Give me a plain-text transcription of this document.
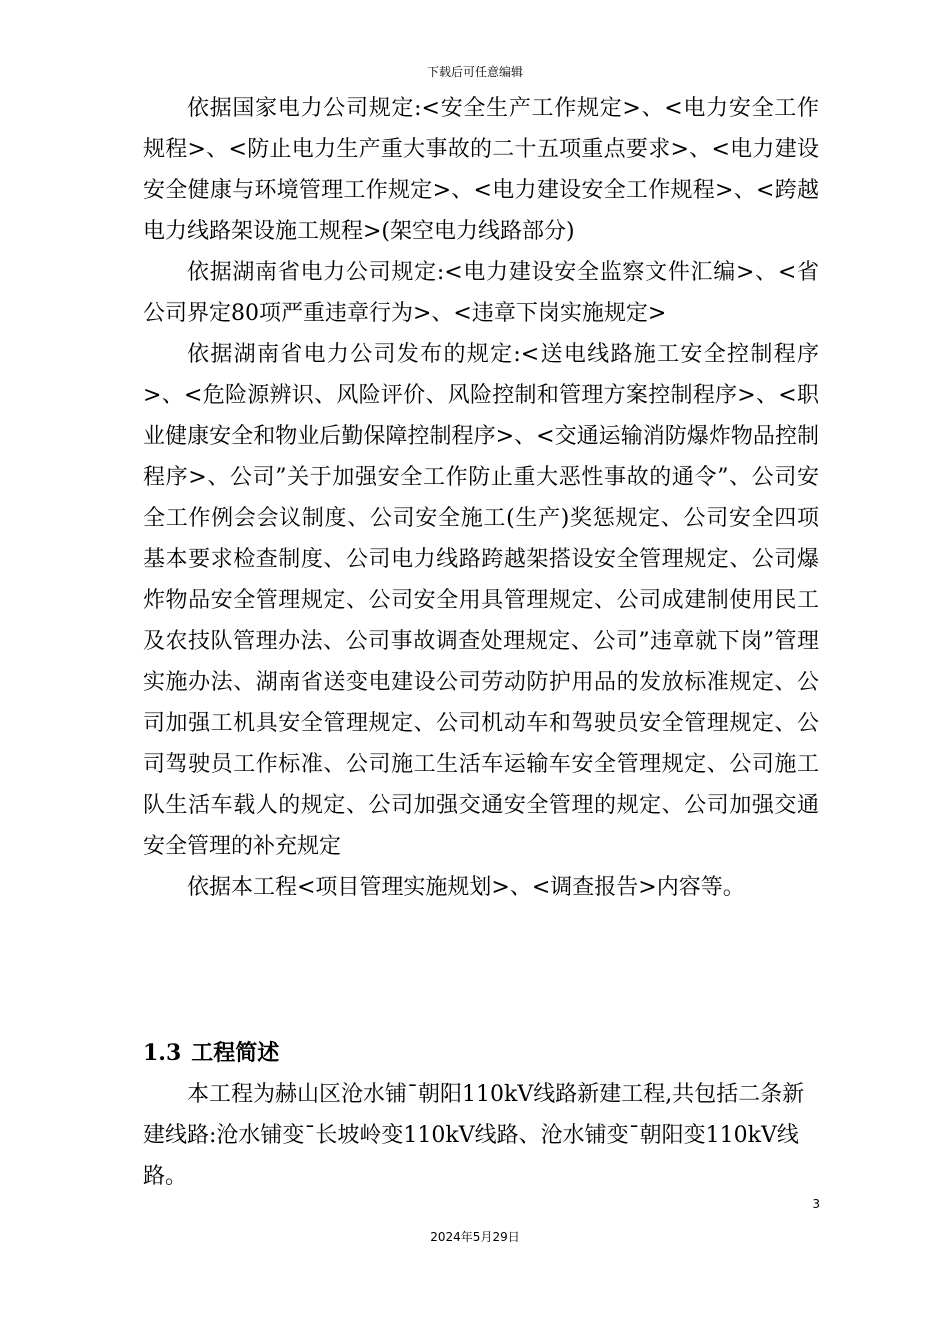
下载后可任意编辑

依据国家电力公司规定:<安全生产工作规定>、<电力安全工作规程>、<防止电力生产重大事故的二十五项重点要求>、<电力建设安全健康与环境管理工作规定>、<电力建设安全工作规程>、<跨越电力线路架设施工规程>(架空电力线路部分)

依据湖南省电力公司规定:<电力建设安全监察文件汇编>、<省公司界定80项严重违章行为>、<违章下岗实施规定>

依据湖南省电力公司发布的规定:<送电线路施工安全控制程序>、<危险源辨识、风险评价、风险控制和管理方案控制程序>、<职业健康安全和物业后勤保障控制程序>、<交通运输消防爆炸物品控制程序>、公司”关于加强安全工作防止重大恶性事故的通令”、公司安全工作例会会议制度、公司安全施工(生产)奖惩规定、公司安全四项基本要求检查制度、公司电力线路跨越架搭设安全管理规定、公司爆炸物品安全管理规定、公司安全用具管理规定、公司成建制使用民工及农技队管理办法、公司事故调查处理规定、公司”违章就下岗”管理实施办法、湖南省送变电建设公司劳动防护用品的发放标准规定、公司加强工机具安全管理规定、公司机动车和驾驶员安全管理规定、公司驾驶员工作标准、公司施工生活车运输车安全管理规定、公司施工队生活车载人的规定、公司加强交通安全管理的规定、公司加强交通安全管理的补充规定

依据本工程<项目管理实施规划>、<调查报告>内容等。

1.3 工程简述

本工程为赫山区沧水铺¯朝阳110kV线路新建工程,共包括二条新建线路:沧水铺变¯长坡岭变110kV线路、沧水铺变¯朝阳变110kV线路。

3
2024年5月29日
